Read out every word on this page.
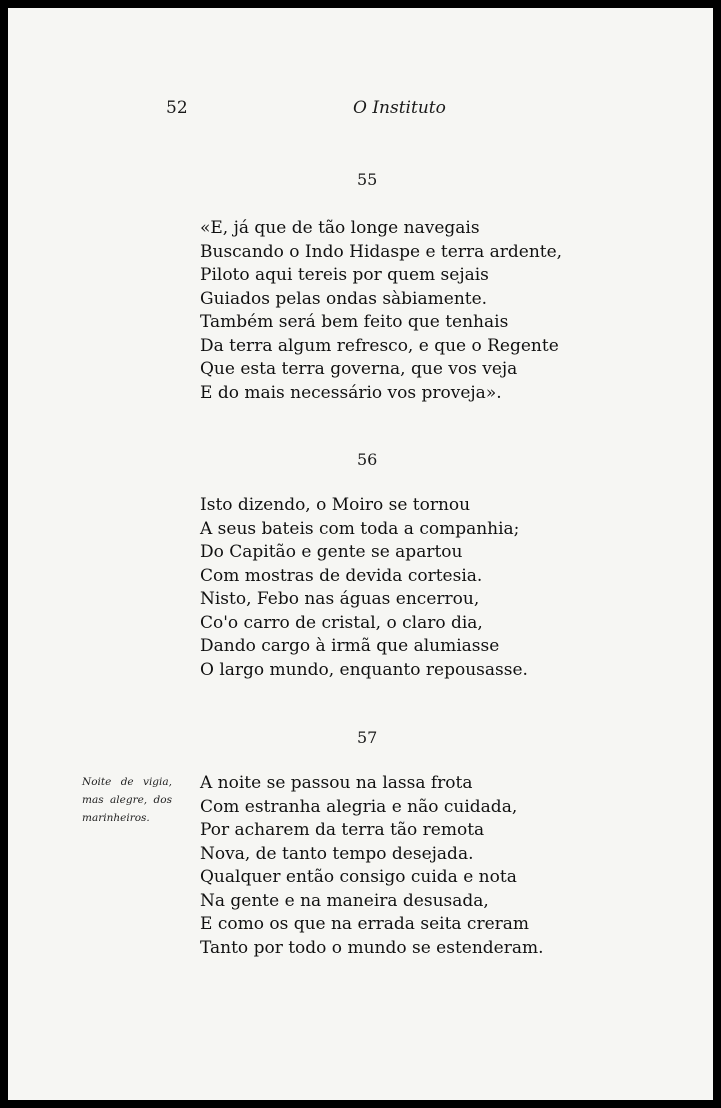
52	O Instituto
55
«E, já que de tão longe navegais
Buscando o Indo Hidaspe e terra ardente,
Piloto aqui tereis por quem sejais
Guiados pelas ondas sàbiamente.
Também será bem feito que tenhais
Da terra algum refresco, e que o Regente
Que esta terra governa, que vos veja
E do mais necessário vos proveja».
56
Isto dizendo, o Moiro se tornou
A seus bateis com toda a companhia;
Do Capitão e gente se apartou
Com mostras de devida cortesia.
Nisto, Febo nas águas encerrou,
Co'o carro de cristal, o claro dia,
Dando cargo à irmã que alumiasse
O largo mundo, enquanto repousasse.
57
A noite se passou na lassa frota
Com estranha alegria e não cuidada,
Por acharem da terra tão remota
Nova, de tanto tempo desejada.
Qualquer então consigo cuida e nota
Na gente e na maneira desusada,
E como os que na errada seita creram
Tanto por todo o mundo se estenderam.
Noite de vigia, mas alegre, dos marinheiros.
